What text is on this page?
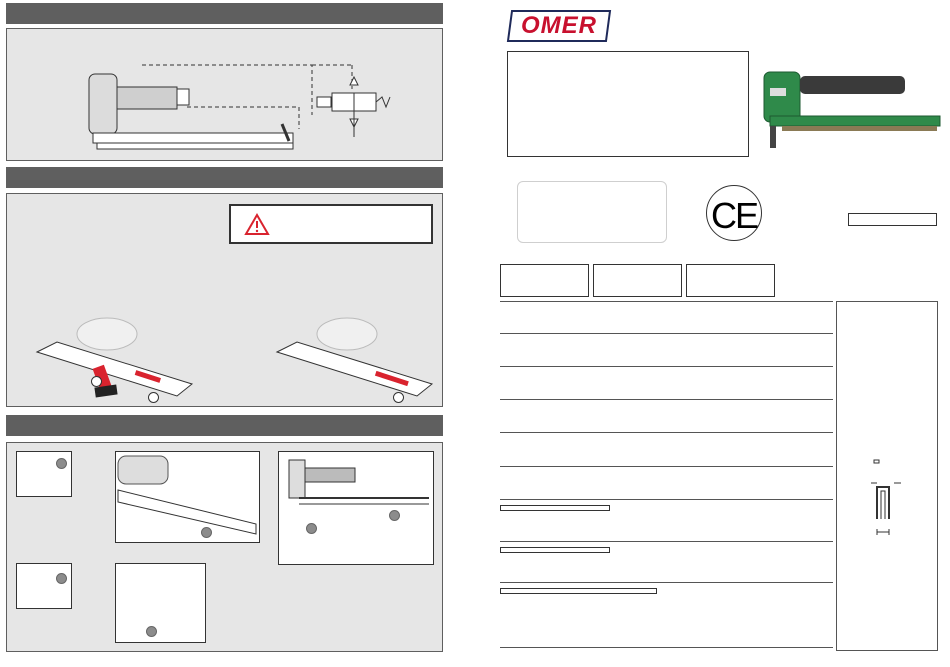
OMER
CE
